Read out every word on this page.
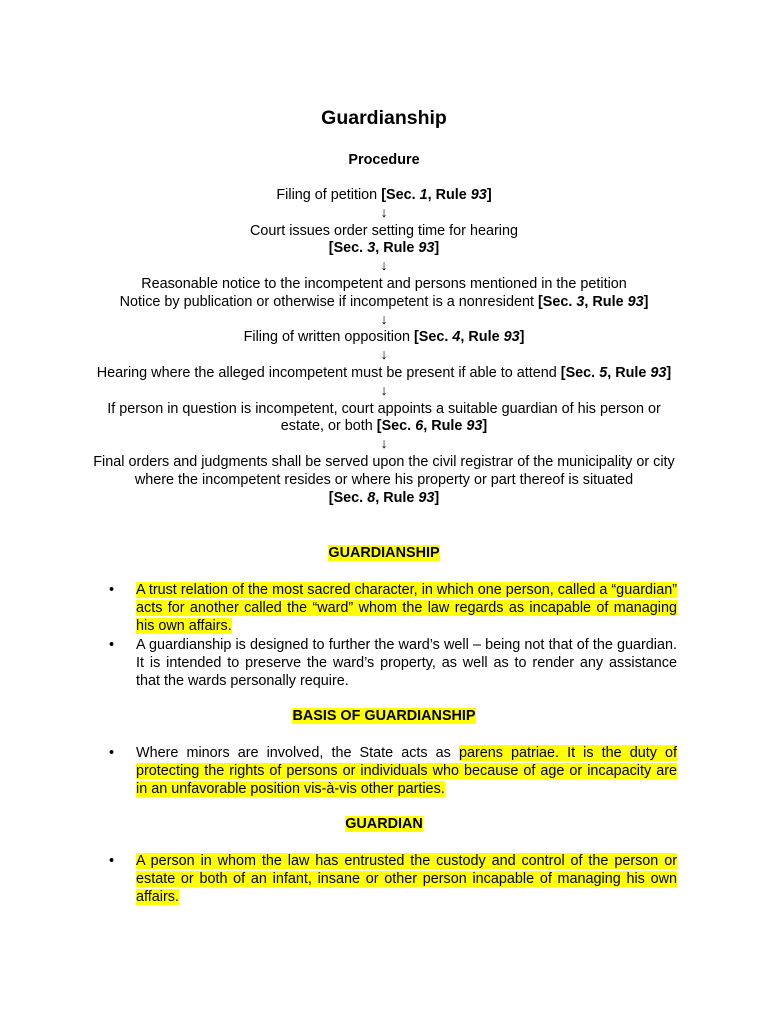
Guardianship
Procedure
Filing of petition [Sec. 1, Rule 93]
↓
Court issues order setting time for hearing
[Sec. 3, Rule 93]
↓
Reasonable notice to the incompetent and persons mentioned in the petition
Notice by publication or otherwise if incompetent is a nonresident [Sec. 3, Rule 93]
↓
Filing of written opposition [Sec. 4, Rule 93]
↓
Hearing where the alleged incompetent must be present if able to attend [Sec. 5, Rule 93]
↓
If person in question is incompetent, court appoints a suitable guardian of his person or estate, or both [Sec. 6, Rule 93]
↓
Final orders and judgments shall be served upon the civil registrar of the municipality or city where the incompetent resides or where his property or part thereof is situated
[Sec. 8, Rule 93]
GUARDIANSHIP
• A trust relation of the most sacred character, in which one person, called a “guardian” acts for another called the “ward” whom the law regards as incapable of managing his own affairs.
• A guardianship is designed to further the ward’s well – being not that of the guardian. It is intended to preserve the ward’s property, as well as to render any assistance that the wards personally require.
BASIS OF GUARDIANSHIP
• Where minors are involved, the State acts as parens patriae. It is the duty of protecting the rights of persons or individuals who because of age or incapacity are in an unfavorable position vis-à-vis other parties.
GUARDIAN
• A person in whom the law has entrusted the custody and control of the person or estate or both of an infant, insane or other person incapable of managing his own affairs.
